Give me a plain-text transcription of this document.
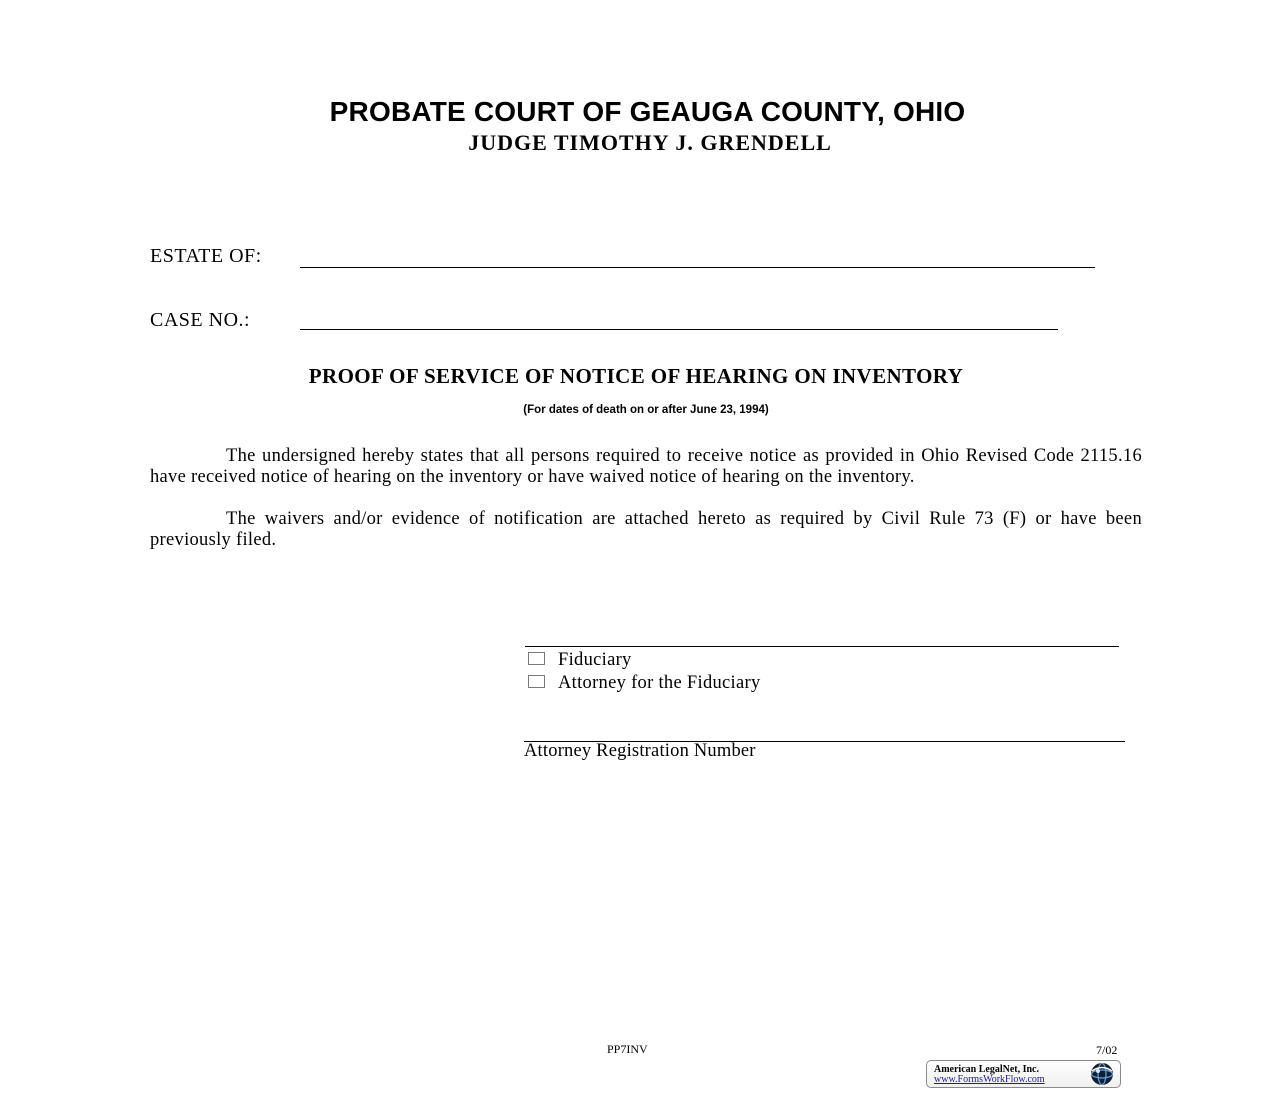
PROBATE COURT OF GEAUGA COUNTY, OHIO
JUDGE TIMOTHY J. GRENDELL
ESTATE OF:
CASE NO.:
PROOF OF SERVICE OF NOTICE OF HEARING ON INVENTORY
(For dates of death on or after June 23, 1994)
The undersigned hereby states that all persons required to receive notice as provided in Ohio Revised Code 2115.16 have received notice of hearing on the inventory or have waived notice of hearing on the inventory.
The waivers and/or evidence of notification are attached hereto as required by Civil Rule 73 (F) or have been previously filed.
Fiduciary
Attorney for the Fiduciary
Attorney Registration Number
PP7INV	7/02
American LegalNet, Inc.
www.FormsWorkFlow.com
